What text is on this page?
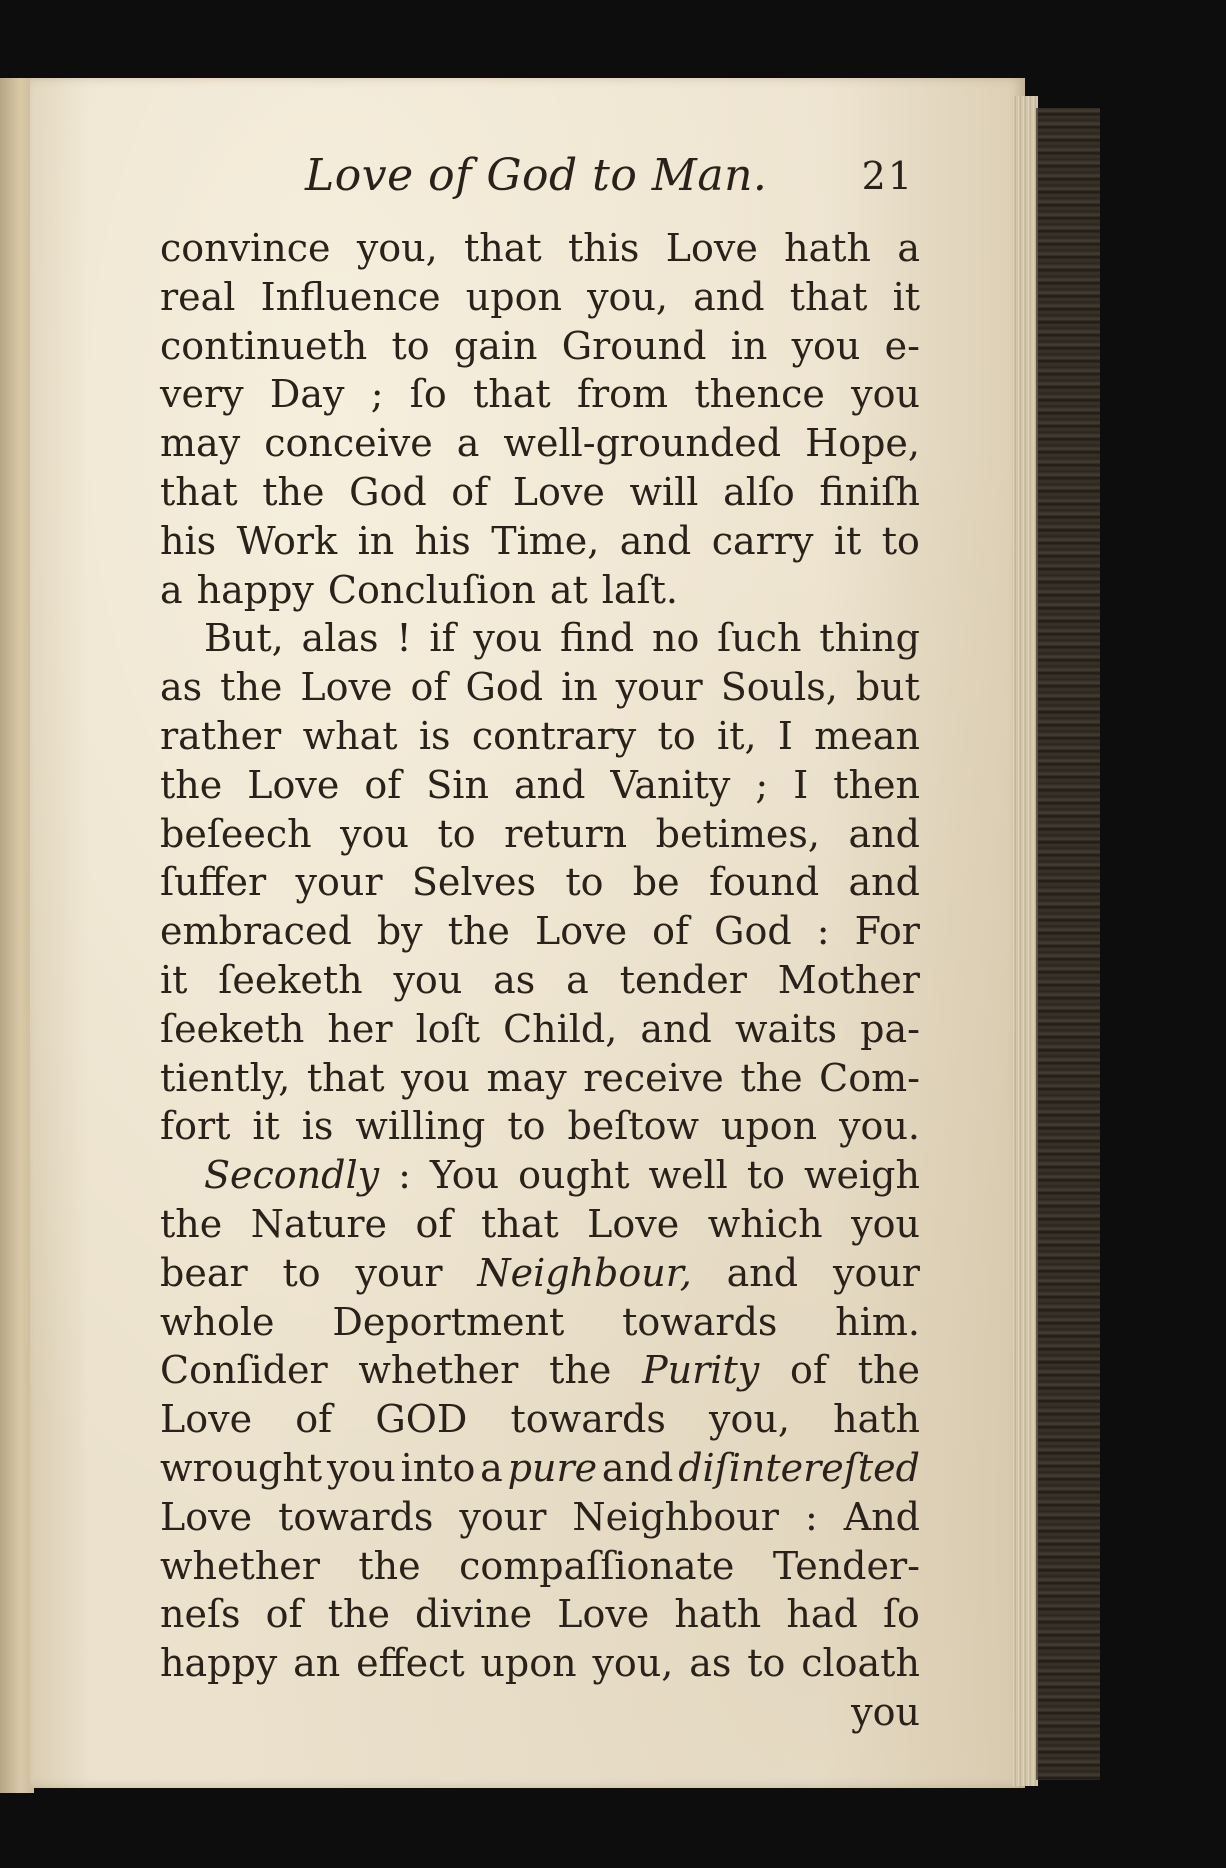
Love of God to Man. 21
convince you, that this Love hath a
real Influence upon you, and that it
continueth to gain Ground in you e-
very Day ; ſo that from thence you
may conceive a well-grounded Hope,
that the God of Love will alſo finiſh
his Work in his Time, and carry it to
a happy Concluſion at laſt.
But, alas ! if you find no ſuch thing
as the Love of God in your Souls, but
rather what is contrary to it, I mean
the Love of Sin and Vanity ; I then
beſeech you to return betimes, and
ſuffer your Selves to be found and
embraced by the Love of God : For
it ſeeketh you as a tender Mother
ſeeketh her loſt Child, and waits pa-
tiently, that you may receive the Com-
fort it is willing to beſtow upon you.
Secondly : You ought well to weigh
the Nature of that Love which you
bear to your Neighbour, and your
whole Deportment towards him.
Conſider whether the Purity of the
Love of GOD towards you, hath
wrought you into a pure and diſintereſted
Love towards your Neighbour : And
whether the compaſſionate Tender-
neſs of the divine Love hath had ſo
happy an effect upon you, as to cloath
you
